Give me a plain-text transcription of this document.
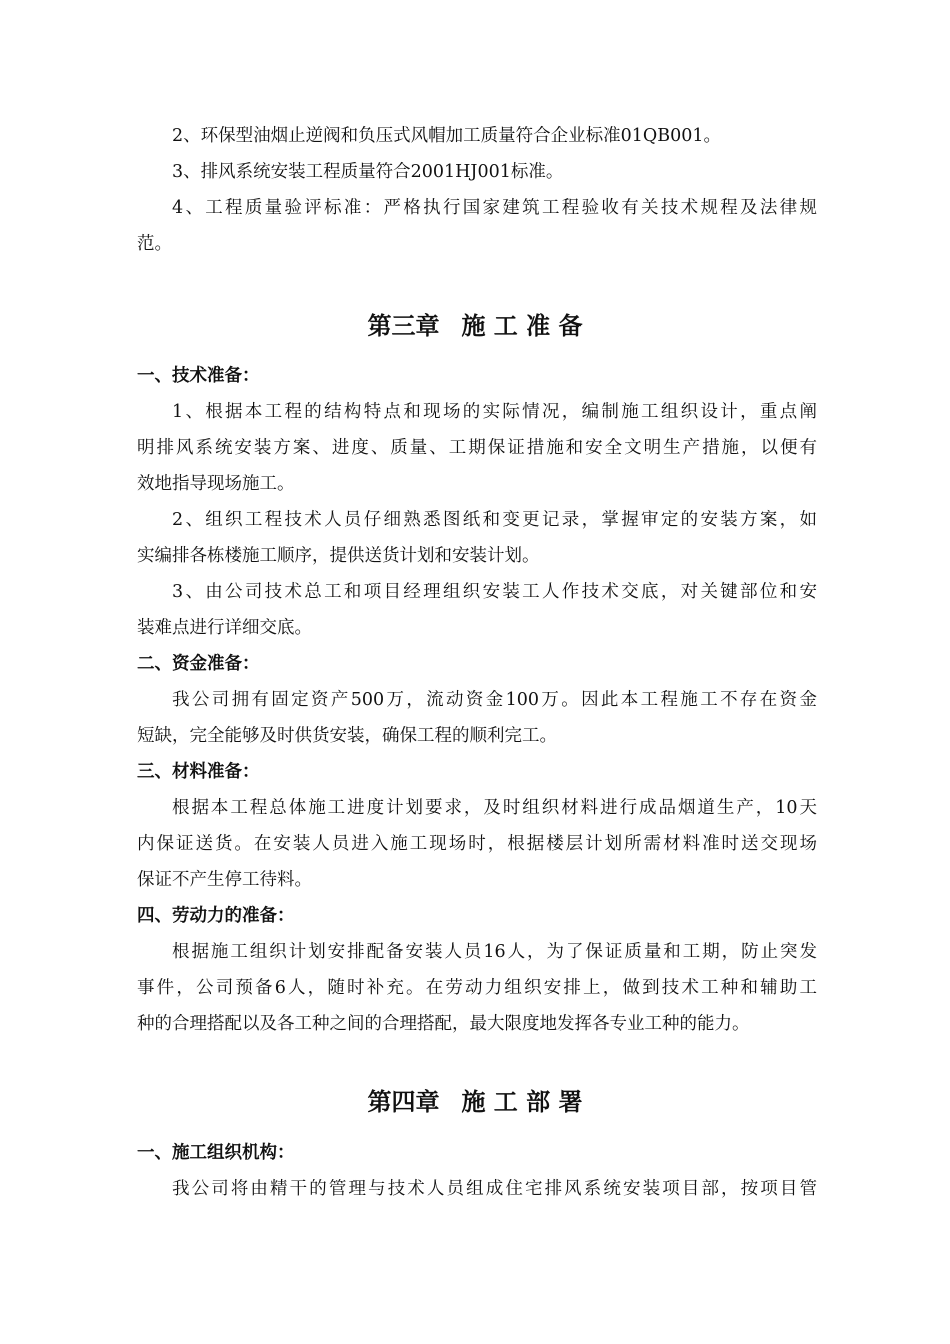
2、环保型油烟止逆阀和负压式风帽加工质量符合企业标准01QB001。
3、排风系统安装工程质量符合2001HJ001标准。
4、工程质量验评标准：严格执行国家建筑工程验收有关技术规程及法律规
范。
第三章 施 工 准 备
一、技术准备：
1、根据本工程的结构特点和现场的实际情况，编制施工组织设计，重点阐
明排风系统安装方案、进度、质量、工期保证措施和安全文明生产措施，以便有
效地指导现场施工。
2、组织工程技术人员仔细熟悉图纸和变更记录，掌握审定的安装方案，如
实编排各栋楼施工顺序，提供送货计划和安装计划。
3、由公司技术总工和项目经理组织安装工人作技术交底，对关键部位和安
装难点进行详细交底。
二、资金准备：
我公司拥有固定资产500万，流动资金100万。因此本工程施工不存在资金
短缺，完全能够及时供货安装，确保工程的顺利完工。
三、材料准备：
根据本工程总体施工进度计划要求，及时组织材料进行成品烟道生产，10天
内保证送货。在安装人员进入施工现场时，根据楼层计划所需材料准时送交现场
保证不产生停工待料。
四、劳动力的准备：
根据施工组织计划安排配备安装人员16人，为了保证质量和工期，防止突发
事件，公司预备6人，随时补充。在劳动力组织安排上，做到技术工种和辅助工
种的合理搭配以及各工种之间的合理搭配，最大限度地发挥各专业工种的能力。
第四章 施 工 部 署
一、施工组织机构：
我公司将由精干的管理与技术人员组成住宅排风系统安装项目部，按项目管
